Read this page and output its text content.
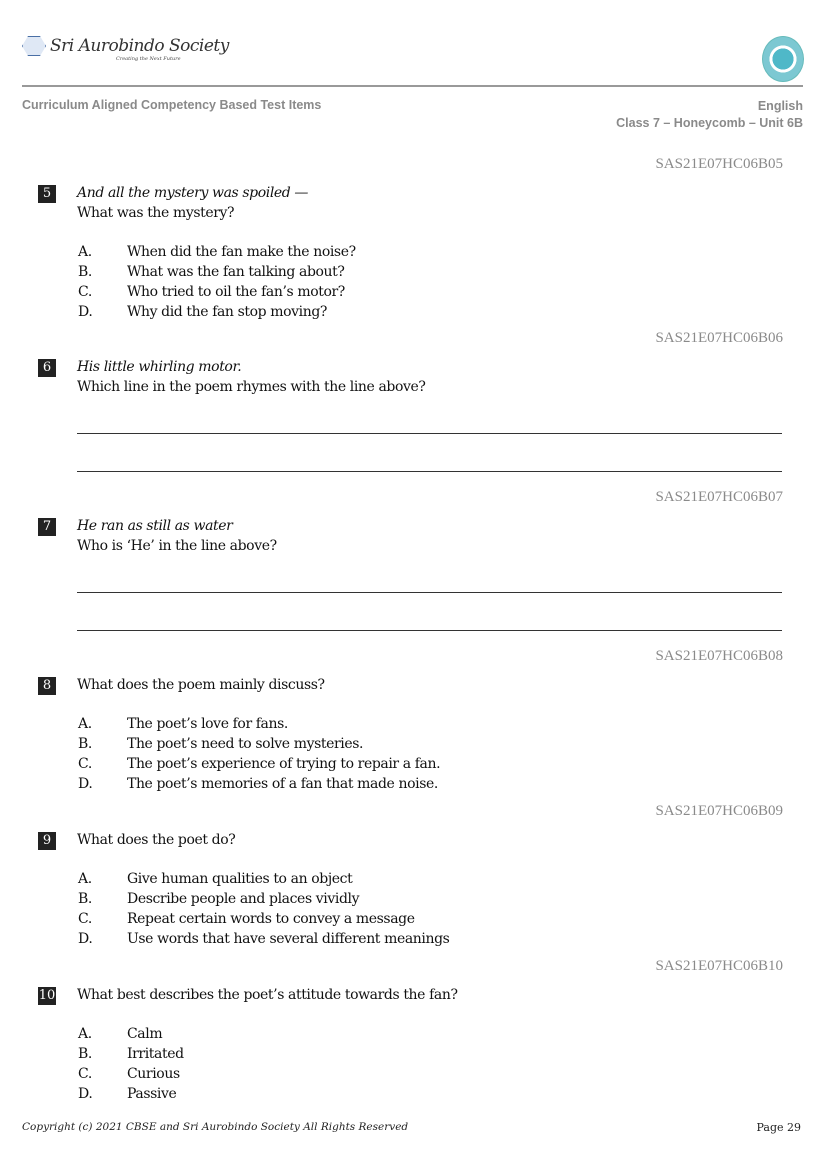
Sri Aurobindo Society
Creating the Next Future
Curriculum Aligned Competency Based Test Items	English
Class 7 – Honeycomb – Unit 6B
Copyright (c) 2021 CBSE and Sri Aurobindo Society All Rights Reserved	Page 29
SAS21E07HC06B05
5	And all the mystery was spoiled —
What was the mystery?
A.	When did the fan make the noise?
B.	What was the fan talking about?
C.	Who tried to oil the fan’s motor?
D. Why did the fan stop moving?
SAS21E07HC06B06
6	His little whirling motor.
Which line in the poem rhymes with the line above?
SAS21E07HC06B07
7	He ran as still as water
Who is ‘He’ in the line above?
SAS21E07HC06B08
8	What does the poem mainly discuss?
A.	The poet’s love for fans.
B.	The poet’s need to solve mysteries.
C.	The poet’s experience of trying to repair a fan.
D. The poet’s memories of a fan that made noise.
SAS21E07HC06B09
9	What does the poet do?
A.	Give human qualities to an object
B.	Describe people and places vividly
C.	Repeat certain words to convey a message
D. Use words that have several different meanings
SAS21E07HC06B10
10 What best describes the poet’s attitude towards the fan?
A.	Calm
B.	Irritated
C.	Curious
D. Passive
